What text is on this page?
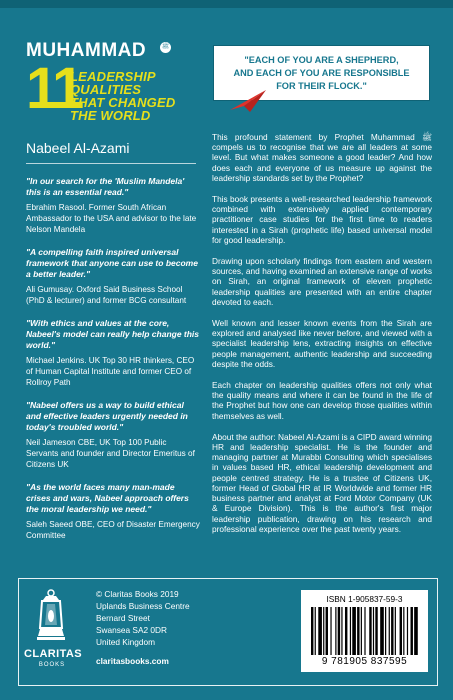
MUHAMMAD	ﷺ
11
LEADERSHIP
QUALITIES
THAT CHANGED
THE WORLD
Nabeel Al-Azami
"In our search for the 'Muslim Mandela' this is an essential read."
Ebrahim Rasool. Former South African Ambassador to the USA and advisor to the late Nelson Mandela
"A compelling faith inspired universal framework that anyone can use to become a better leader."
Ali Gumusay. Oxford Said Business School (PhD & lecturer) and former BCG consultant
"With ethics and values at the core, Nabeel's model can really help change this world."
Michael Jenkins. UK Top 30 HR thinkers, CEO of Human Capital Institute and former CEO of Rollroy Path
"Nabeel offers us a way to build ethical and effective leaders urgently needed in today's troubled world."
Neil Jameson CBE, UK Top 100 Public Servants and founder and Director Emeritus of Citizens UK
"As the world faces many man-made crises and wars, Nabeel approach offers the moral leadership we need."
Saleh Saeed OBE, CEO of Disaster Emergency Committee
"EACH OF YOU ARE A SHEPHERD,
AND EACH OF YOU ARE RESPONSIBLE
FOR THEIR FLOCK."

This profound statement by Prophet Muhammad ﷺ compels us to recognise that we are all leaders at some level. But what makes someone a good leader? And how does each and everyone of us measure up against the leadership standards set by the Prophet?

This book presents a well-researched leadership framework combined with extensively applied contemporary practitioner case studies for the first time to readers interested in a Sirah (prophetic life) based universal model for good leadership.

Drawing upon scholarly findings from eastern and western sources, and having examined an extensive range of works on Sirah, an original framework of eleven prophetic leadership qualities are presented with an entire chapter devoted to each.

Well known and lesser known events from the Sirah are explored and analysed like never before, and viewed with a specialist leadership lens, extracting insights on effective people management, authentic leadership and succeeding despite the odds.

Each chapter on leadership qualities offers not only what the quality means and where it can be found in the life of the Prophet but how one can develop those qualities within themselves as well.

About the author: Nabeel Al-Azami is a CIPD award winning HR and leadership specialist. He is the founder and managing partner at Murabbi Consulting which specialises in values based HR, ethical leadership development and people centred strategy. He is a trustee of Citizens UK, former Head of Global HR at IR Worldwide and former HR business partner and analyst at Ford Motor Company (UK & Europe Division). This is the author's first major leadership publication, drawing on his research and professional experience over the past twenty years.

CLARITAS
BOOKS
© Claritas Books 2019
Uplands Business Centre
Bernard Street
Swansea SA2 0DR
United Kingdom
claritasbooks.com
ISBN 1-905837-59-3
9 781905 837595
